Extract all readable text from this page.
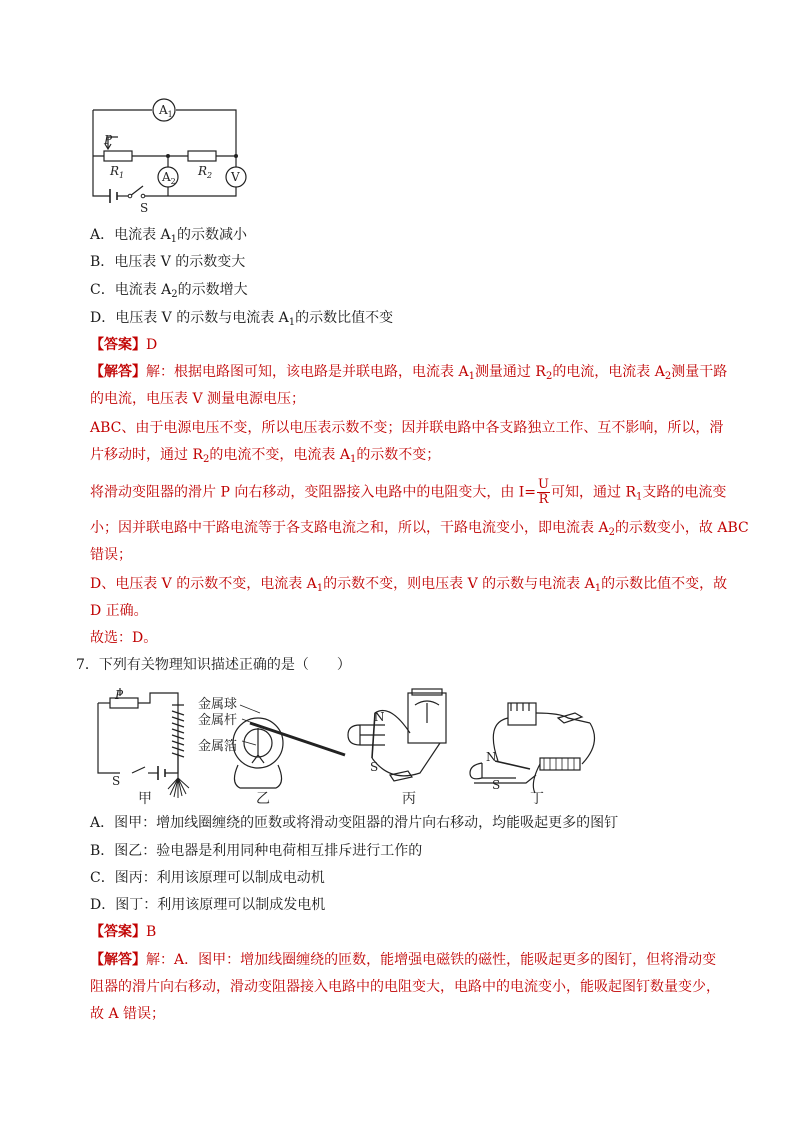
$A_1$
$A_2$	V
P
$R_1$	$R_2$
S
A．电流表 $A_1$的示数减小
B．电压表 V 的示数变大
C．电流表 $A_2$的示数增大
D．电压表 V 的示数与电流表 $A_1$的示数比值不变
【答案】D
【解答】解：根据电路图可知，该电路是并联电路，电流表 $A_1$测量通过 $R_2$的电流，电流表 $A_2$测量干路
的电流，电压表 V 测量电源电压；
ABC、由于电源电压不变，所以电压表示数不变；因并联电路中各支路独立工作、互不影响，所以，滑
片移动时，通过 $R_2$的电流不变，电流表 $A_1$的示数不变；
将滑动变阻器的滑片 P 向右移动，变阻器接入电路中的电阻变大，由 $I= \frac{U}{R}$ 可知，通过 $R_1$支路的电流变
小；因并联电路中干路电流等于各支路电流之和，所以，干路电流变小，即电流表 $A_2$的示数变小，故 ABC
错误；
D、电压表 V 的示数不变，电流表 $A_1$的示数不变，则电压表 V 的示数与电流表 $A_1$的示数比值不变，故
D 正确。
故选：D。
7．下列有关物理知识描述正确的是（　　）
P
S
金属球
金属杆
金属箔
N
S
N
S
甲	乙	丙	丁
A．图甲：增加线圈缠绕的匝数或将滑动变阻器的滑片向右移动，均能吸起更多的图钉
B．图乙：验电器是利用同种电荷相互排斥进行工作的
C．图丙：利用该原理可以制成电动机
D．图丁：利用该原理可以制成发电机
【答案】B
【解答】解：A．图甲：增加线圈缠绕的匝数，能增强电磁铁的磁性，能吸起更多的图钉，但将滑动变
阻器的滑片向右移动，滑动变阻器接入电路中的电阻变大，电路中的电流变小，能吸起图钉数量变少，
故 A 错误；
